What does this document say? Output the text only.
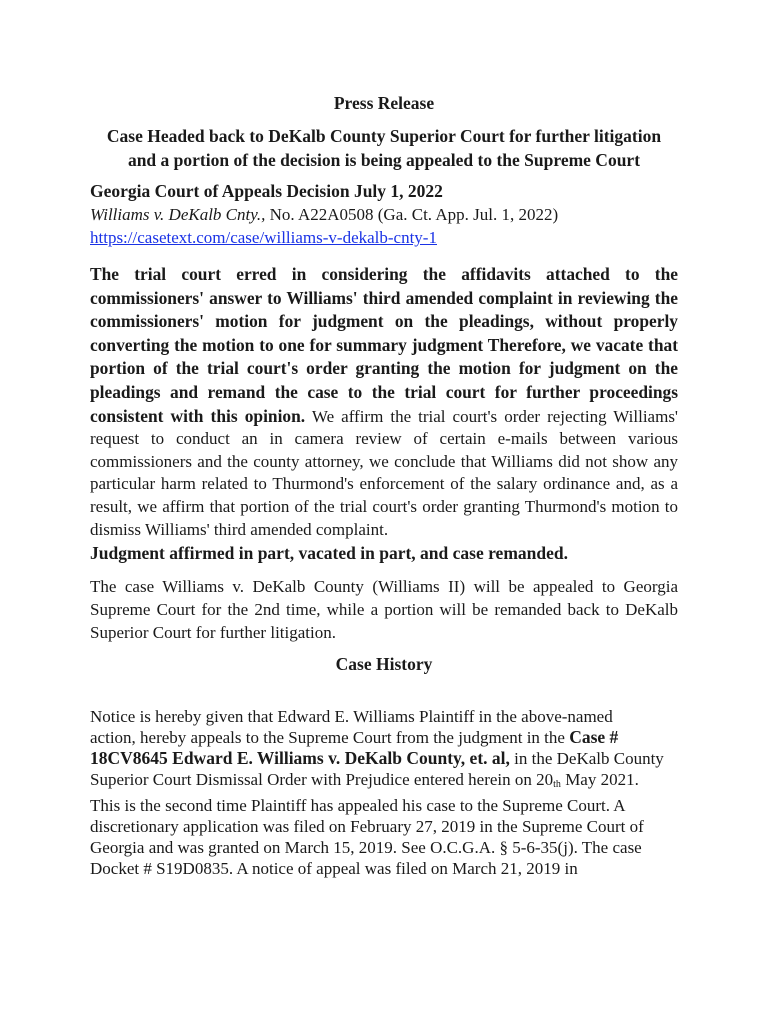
Press Release
Case Headed back to DeKalb County Superior Court for further litigation
and a portion of the decision is being appealed to the Supreme Court
Georgia Court of Appeals Decision July 1, 2022
Williams v. DeKalb Cnty., No. A22A0508 (Ga. Ct. App. Jul. 1, 2022)
https://casetext.com/case/williams-v-dekalb-cnty-1

The trial court erred in considering the affidavits attached to the commissioners' answer to Williams' third amended complaint in reviewing the commissioners' motion for judgment on the pleadings, without properly converting the motion to one for summary judgment Therefore, we vacate that portion of the trial court's order granting the motion for judgment on the pleadings and remand the case to the trial court for further proceedings consistent with this opinion. We affirm the trial court's order rejecting Williams' request to conduct an in camera review of certain e-mails between various commissioners and the county attorney, we conclude that Williams did not show any particular harm related to Thurmond's enforcement of the salary ordinance and, as a result, we affirm that portion of the trial court's order granting Thurmond's motion to dismiss Williams' third amended complaint.

Judgment affirmed in part, vacated in part, and case remanded.

The case Williams v. DeKalb County (Williams II) will be appealed to Georgia Supreme Court for the 2nd time, while a portion will be remanded back to DeKalb Superior Court for further litigation.

Case History

Notice is hereby given that Edward E. Williams Plaintiff in the above-named
action, hereby appeals to the Supreme Court from the judgment in the Case #
18CV8645 Edward E. Williams v. DeKalb County, et. al, in the DeKalb County
Superior Court Dismissal Order with Prejudice entered herein on $20_{th}$ May 2021.
This is the second time Plaintiff has appealed his case to the Supreme Court. A
discretionary application was filed on February 27, 2019 in the Supreme Court of
Georgia and was granted on March 15, 2019. See O.C.G.A. § 5-6-35(j). The case
Docket # S19D0835. A notice of appeal was filed on March 21, 2019 in
